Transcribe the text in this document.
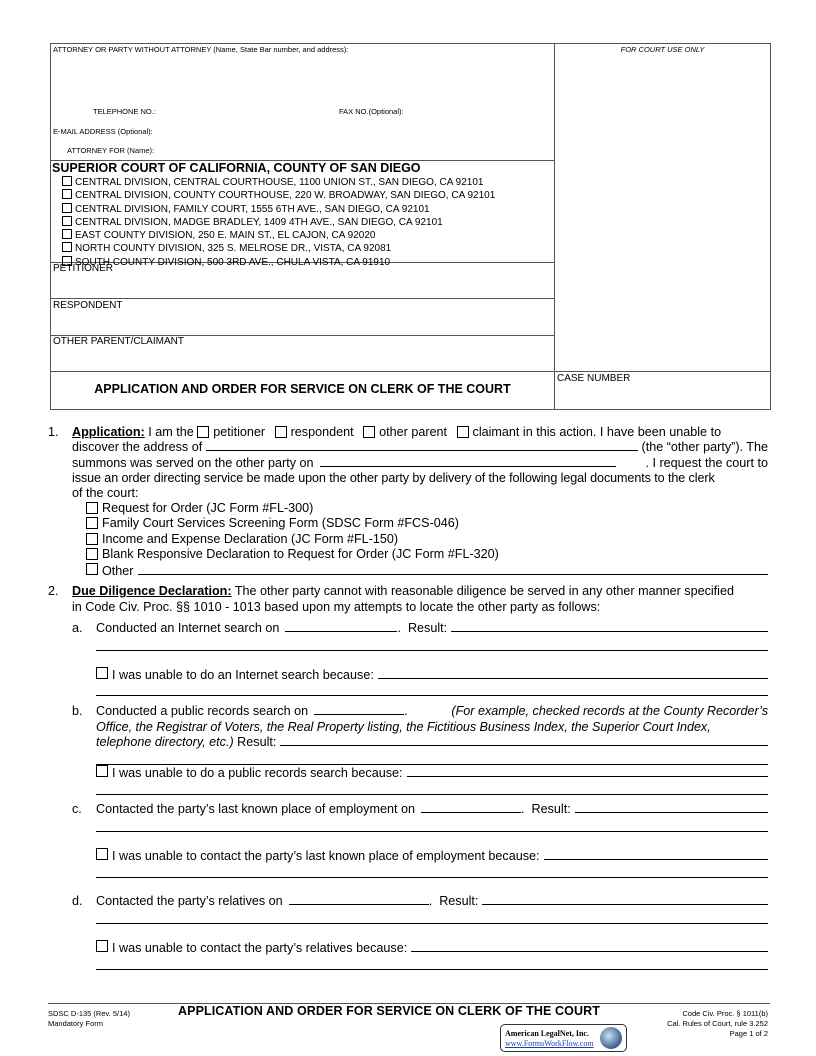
ATTORNEY OR PARTY WITHOUT ATTORNEY (Name, State Bar number, and address):
TELEPHONE NO.:	FAX NO.(Optional):
E-MAIL ADDRESS (Optional):
ATTORNEY FOR (Name):
FOR COURT USE ONLY
SUPERIOR COURT OF CALIFORNIA, COUNTY OF SAN DIEGO
CENTRAL DIVISION, CENTRAL COURTHOUSE, 1100 UNION ST., SAN DIEGO, CA 92101
CENTRAL DIVISION, COUNTY COURTHOUSE, 220 W. BROADWAY, SAN DIEGO, CA 92101
CENTRAL DIVISION, FAMILY COURT, 1555 6TH AVE., SAN DIEGO, CA 92101
CENTRAL DIVISION, MADGE BRADLEY, 1409 4TH AVE., SAN DIEGO, CA 92101
EAST COUNTY DIVISION, 250 E. MAIN ST., EL CAJON, CA 92020
NORTH COUNTY DIVISION, 325 S. MELROSE DR., VISTA, CA 92081
SOUTH COUNTY DIVISION, 500 3RD AVE., CHULA VISTA, CA 91910
PETITIONER
RESPONDENT
OTHER PARENT/CLAIMANT
APPLICATION AND ORDER FOR SERVICE ON CLERK OF THE COURT
CASE NUMBER
1. Application: I am the petitioner respondent other parent claimant in this action. I have been unable to
discover the address of	(the “other party”). The
summons was served on the other party on	. I request the court to
issue an order directing service be made upon the other party by delivery of the following legal documents to the clerk
of the court:
Request for Order (JC Form #FL-300)
Family Court Services Screening Form (SDSC Form #FCS-046)
Income and Expense Declaration (JC Form #FL-150)
Blank Responsive Declaration to Request for Order (JC Form #FL-320)
Other
2. Due Diligence Declaration: The other party cannot with reasonable diligence be served in any other manner specified
in Code Civ. Proc. §§ 1010 - 1013 based upon my attempts to locate the other party as follows:
a. Conducted an Internet search on	. Result:
I was unable to do an Internet search because:
b. Conducted a public records search on	.	(For example, checked records at the County Recorder’s
Office, the Registrar of Voters, the Real Property listing, the Fictitious Business Index, the Superior Court Index,
telephone directory, etc.)
Result:
I was unable to do a public records search because:
c. Contacted the party’s last known place of employment on	. Result:
I was unable to contact the party’s last known place of employment because:
d. Contacted the party’s relatives on	. Result:
I was unable to contact the party’s relatives because:
SDSC D-135 (Rev. 5/14)
Mandatory Form
APPLICATION AND ORDER FOR SERVICE ON CLERK OF THE COURT	Code Civ. Proc. § 1011(b)
Cal. Rules of Court, rule 3.252
Page 1 of 2
American LegalNet, Inc.
www.FormsWorkFlow.com
